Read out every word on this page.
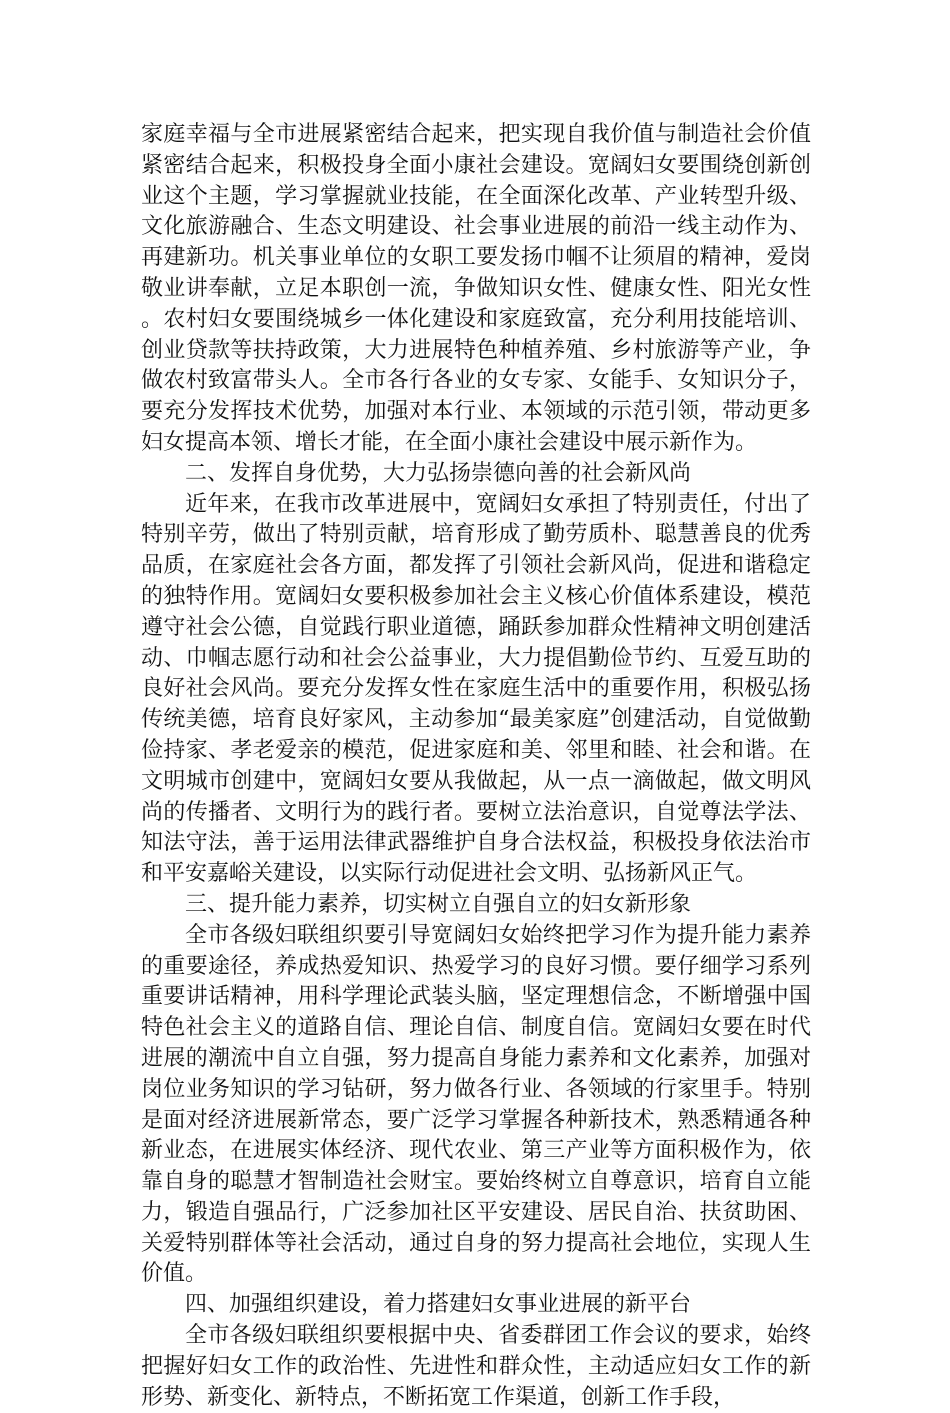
家庭幸福与全市进展紧密结合起来，把实现自我价值与制造社会价值紧密结合起来，积极投身全面小康社会建设。宽阔妇女要围绕创新创业这个主题，学习掌握就业技能，在全面深化改革、产业转型升级、文化旅游融合、生态文明建设、社会事业进展的前沿一线主动作为、再建新功。机关事业单位的女职工要发扬巾帼不让须眉的精神，爱岗敬业讲奉献，立足本职创一流，争做知识女性、健康女性、阳光女性。农村妇女要围绕城乡一体化建设和家庭致富，充分利用技能培训、创业贷款等扶持政策，大力进展特色种植养殖、乡村旅游等产业，争做农村致富带头人。全市各行各业的女专家、女能手、女知识分子，要充分发挥技术优势，加强对本行业、本领域的示范引领，带动更多妇女提高本领、增长才能，在全面小康社会建设中展示新作为。

二、发挥自身优势，大力弘扬崇德向善的社会新风尚

近年来，在我市改革进展中，宽阔妇女承担了特别责任，付出了特别辛劳，做出了特别贡献，培育形成了勤劳质朴、聪慧善良的优秀品质，在家庭社会各方面，都发挥了引领社会新风尚，促进和谐稳定的独特作用。宽阔妇女要积极参加社会主义核心价值体系建设，模范遵守社会公德，自觉践行职业道德，踊跃参加群众性精神文明创建活动、巾帼志愿行动和社会公益事业，大力提倡勤俭节约、互爱互助的良好社会风尚。要充分发挥女性在家庭生活中的重要作用，积极弘扬传统美德，培育良好家风，主动参加“最美家庭”创建活动，自觉做勤俭持家、孝老爱亲的模范，促进家庭和美、邻里和睦、社会和谐。在文明城市创建中，宽阔妇女要从我做起，从一点一滴做起，做文明风尚的传播者、文明行为的践行者。要树立法治意识，自觉尊法学法、知法守法，善于运用法律武器维护自身合法权益，积极投身依法治市和平安嘉峪关建设，以实际行动促进社会文明、弘扬新风正气。

三、提升能力素养，切实树立自强自立的妇女新形象

全市各级妇联组织要引导宽阔妇女始终把学习作为提升能力素养的重要途径，养成热爱知识、热爱学习的良好习惯。要仔细学习系列重要讲话精神，用科学理论武装头脑，坚定理想信念，不断增强中国特色社会主义的道路自信、理论自信、制度自信。宽阔妇女要在时代进展的潮流中自立自强，努力提高自身能力素养和文化素养，加强对岗位业务知识的学习钻研，努力做各行业、各领域的行家里手。特别是面对经济进展新常态，要广泛学习掌握各种新技术，熟悉精通各种新业态，在进展实体经济、现代农业、第三产业等方面积极作为，依靠自身的聪慧才智制造社会财宝。要始终树立自尊意识，培育自立能力，锻造自强品行，广泛参加社区平安建设、居民自治、扶贫助困、关爱特别群体等社会活动，通过自身的努力提高社会地位，实现人生价值。

四、加强组织建设，着力搭建妇女事业进展的新平台

全市各级妇联组织要根据中央、省委群团工作会议的要求，始终把握好妇女工作的政治性、先进性和群众性，主动适应妇女工作的新形势、新变化、新特点，不断拓宽工作渠道，创新工作手段，
